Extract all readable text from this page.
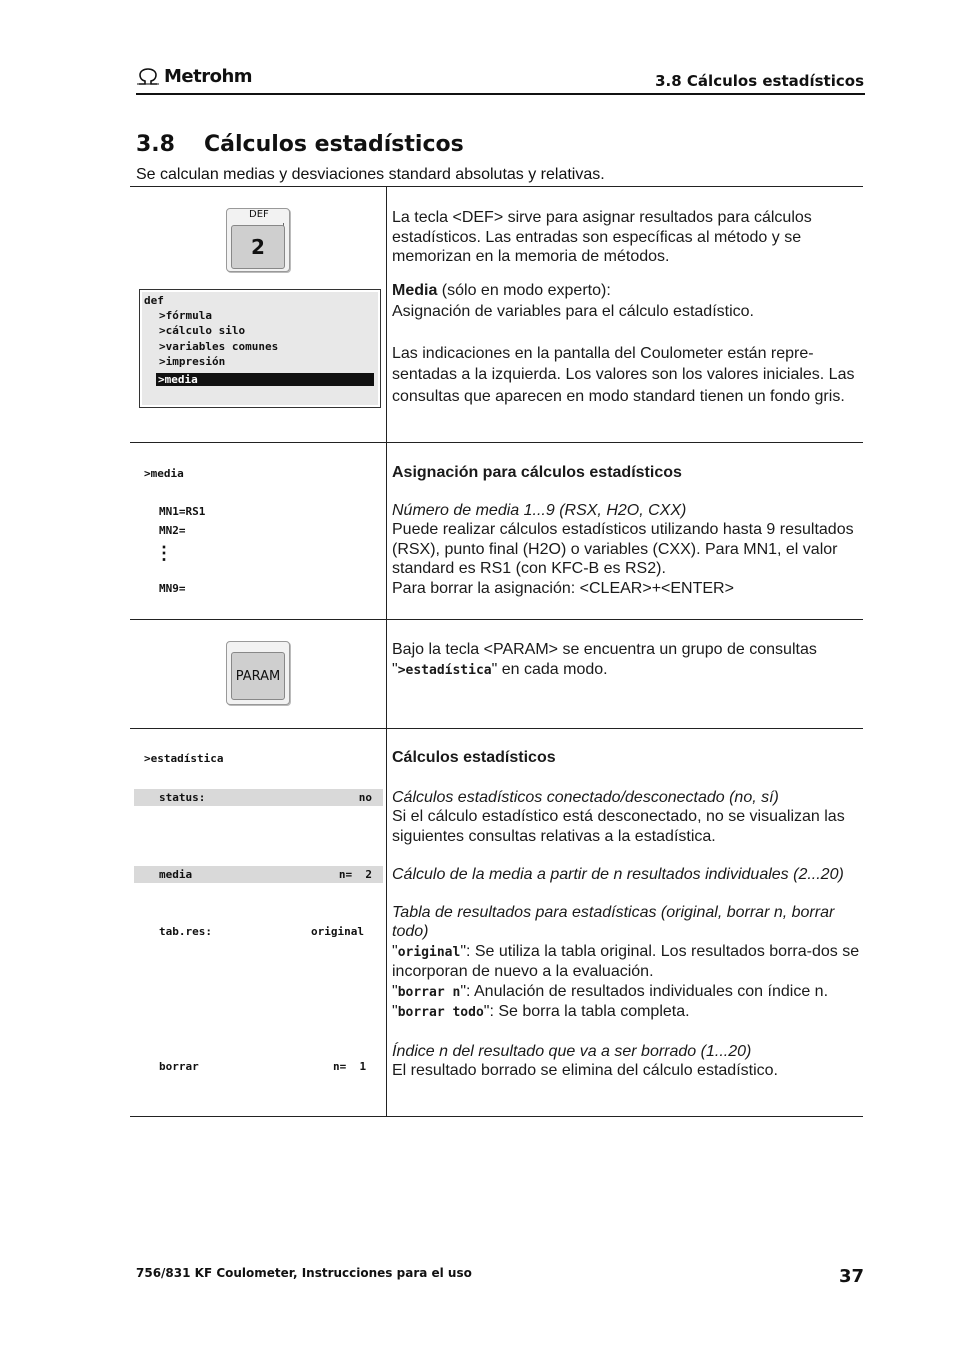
Metrohm	3.8 Cálculos estadísticos
3.8 Cálculos estadísticos
Se calculan medias y desviaciones standard absolutas y relativas.
DEF
2
def
>fórmula
>cálculo silo
>variables comunes
>impresión
>media

La tecla <DEF> sirve para asignar resultados para cálculos estadísticos. Las entradas son específicas al método y se memorizan en la memoria de métodos.

Media (sólo en modo experto):

Asignación de variables para el cálculo estadístico.

Las indicaciones en la pantalla del Coulometer están repre-sentadas a la izquierda. Los valores son los valores iniciales. Las consultas que aparecen en modo standard tienen un fondo gris.

>media
MN1=RS1
MN2=
⋮
MN9=

Asignación para cálculos estadísticos

Número de media 1...9 (RSX, H2O, CXX)

Puede realizar cálculos estadísticos utilizando hasta 9 resultados (RSX), punto final (H2O) o variables (CXX). Para MN1, el valor standard es RS1 (con KFC-B es RS2).

Para borrar la asignación: <CLEAR>+<ENTER>

PARAM

Bajo la tecla <PARAM> se encuentra un grupo de consultas

">estadística" en cada modo.

>estadística
status:	no
media	n=  2
tab.res:	original
borrar	n=  1

Cálculos estadísticos

Cálculos estadísticos conectado/desconectado (no, sí)

Si el cálculo estadístico está desconectado, no se visualizan las siguientes consultas relativas a la estadística.

Cálculo de la media a partir de n resultados individuales (2...20)

Tabla de resultados para estadísticas (original, borrar n, borrar todo)

"original": Se utiliza la tabla original. Los resultados borra-dos se incorporan de nuevo a la evaluación.

"borrar n": Anulación de resultados individuales con índice n.

"borrar todo": Se borra la tabla completa.

Índice n del resultado que va a ser borrado (1...20)

El resultado borrado se elimina del cálculo estadístico.

756/831 KF Coulometer, Instrucciones para el uso	37
